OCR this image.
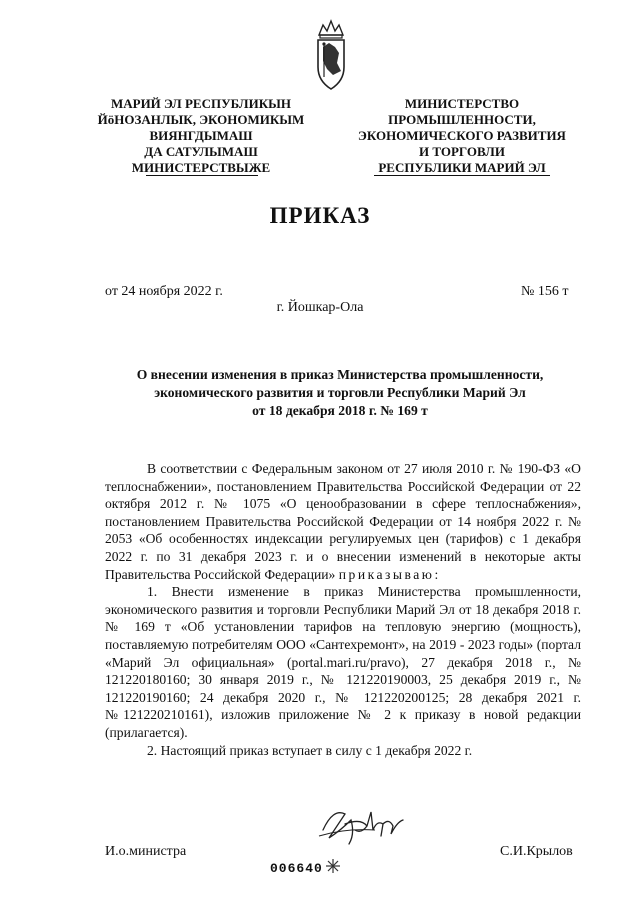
МАРИЙ ЭЛ РЕСПУБЛИКЫН
ЙӧНОЗАНЛЫК, ЭКОНОМИКЫМ
ВИЯНГДЫМАШ
ДА САТУЛЫМАШ
МИНИСТЕРСТВЫЖЕ
МИНИСТЕРСТВО
ПРОМЫШЛЕННОСТИ,
ЭКОНОМИЧЕСКОГО РАЗВИТИЯ
И ТОРГОВЛИ
РЕСПУБЛИКИ МАРИЙ ЭЛ
ПРИКАЗ
от 24 ноября 2022 г.	№ 156 т
г. Йошкар-Ола
О внесении изменения в приказ Министерства промышленности,
экономического развития и торговли Республики Марий Эл
от 18 декабря 2018 г. № 169 т

В соответствии с Федеральным законом от 27 июля 2010 г. № 190-ФЗ «О теплоснабжении», постановлением Правительства Российской Федерации от 22 октября 2012 г. № 1075 «О ценообразовании в сфере теплоснабжения», постановлением Правительства Российской Федерации от 14 ноября 2022 г. № 2053 «Об особенностях индексации регулируемых цен (тарифов) с 1 декабря 2022 г. по 31 декабря 2023 г. и о внесении изменений в некоторые акты Правительства Российской Федерации» приказываю:

1. Внести изменение в приказ Министерства промышленности, экономического развития и торговли Республики Марий Эл от 18 декабря 2018 г. № 169 т «Об установлении тарифов на тепловую энергию (мощность), поставляемую потребителям ООО «Сантехремонт», на 2019 - 2023 годы» (портал «Марий Эл официальная» (portal.mari.ru/pravo), 27 декабря 2018 г., № 121220180160; 30 января 2019 г., № 121220190003, 25 декабря 2019 г., № 121220190160; 24 декабря 2020 г., № 121220200125; 28 декабря 2021 г. №121220210161), изложив приложение № 2 к приказу в новой редакции (прилагается).

2. Настоящий приказ вступает в силу с 1 декабря 2022 г.

И.о.министра	С.И.Крылов
006640
